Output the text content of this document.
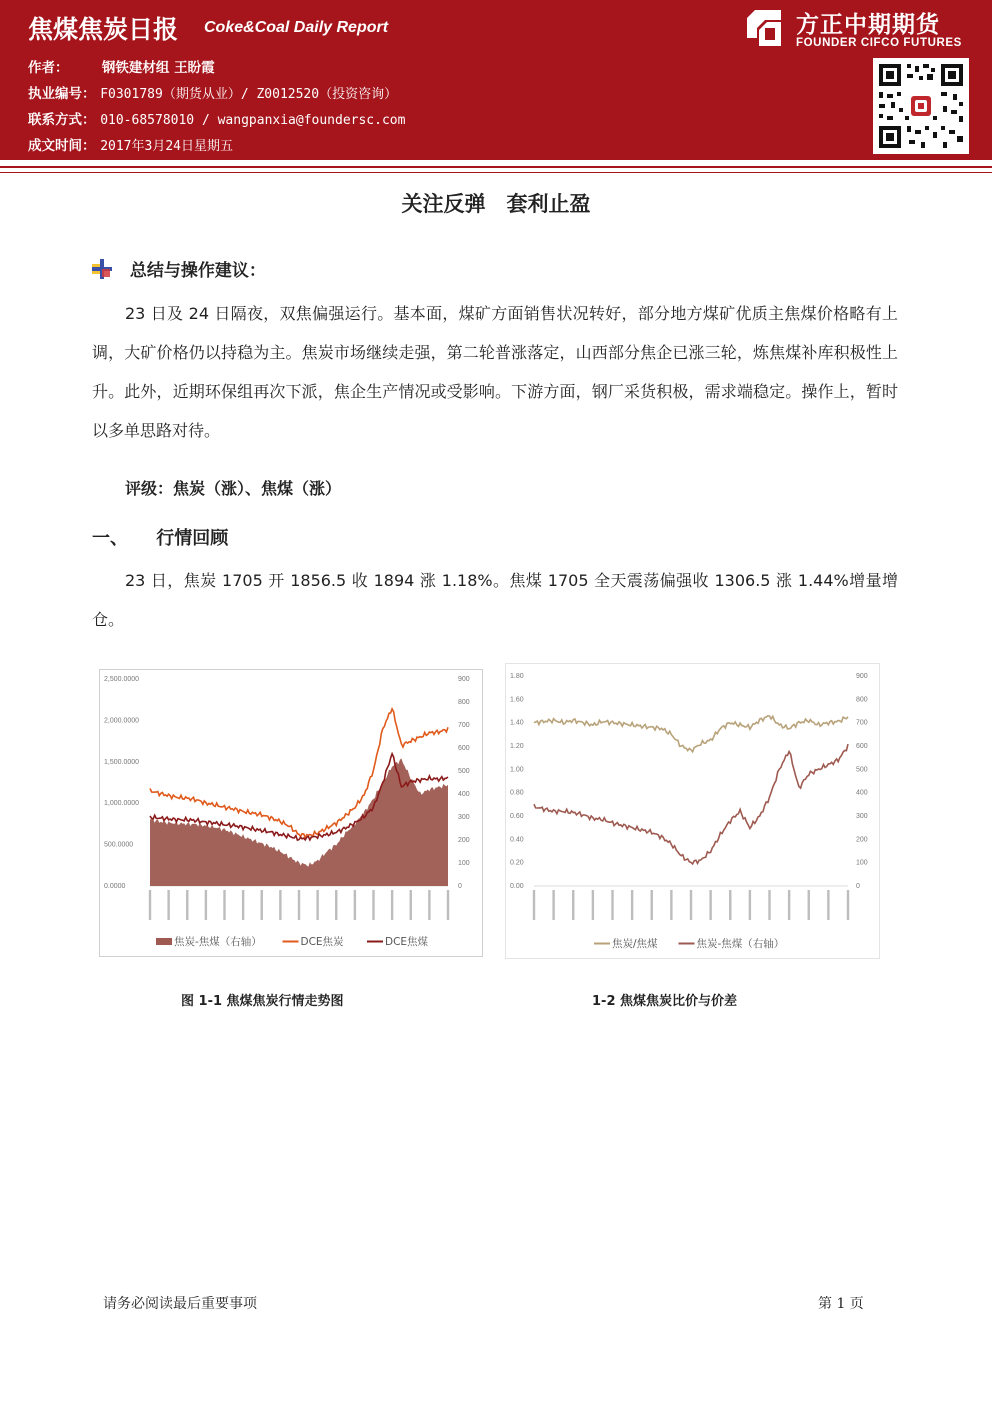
焦煤焦炭日报 Coke&Coal Daily Report
作者： 钢铁建材组 王盼霞
执业编号： F0301789（期货从业）/ Z0012520（投资咨询）
联系方式： 010-68578010 / wangpanxia@foundersc.com
成文时间： 2017年3月24日星期五
方正中期期货
FOUNDER CIFCO FUTURES
关注反弹　套利止盈
总结与操作建议：
23 日及 24 日隔夜，双焦偏强运行。基本面，煤矿方面销售状况转好，部分地方煤矿优质主焦煤价格略有上调，大矿价格仍以持稳为主。焦炭市场继续走强，第二轮普涨落定，山西部分焦企已涨三轮，炼焦煤补库积极性上升。此外，近期环保组再次下派，焦企生产情况或受影响。下游方面，钢厂采货积极，需求端稳定。操作上，暂时以多单思路对待。
评级：焦炭（涨）、焦煤（涨）
一、 行情回顾
23 日，焦炭 1705 开 1856.5 收 1894 涨 1.18%。焦煤 1705 全天震荡偏强收 1306.5 涨 1.44%增量增仓。
2,500.0000
2,000.0000
1,500.0000
1,000.0000
500.0000
0.0000
900
800
700
600
500
400
300
200
100
0
焦炭-焦煤（右轴）	DCE焦炭	DCE焦煤
图 1-1 焦煤焦炭行情走势图
1.80
1.60
1.40
1.20
1.00
0.80
0.60
0.40
0.20
0.00
900
800
700
600
500
400
300
200
100
0
焦炭/焦煤	焦炭-焦煤（右轴）
1-2 焦煤焦炭比价与价差
请务必阅读最后重要事项	第 1 页
